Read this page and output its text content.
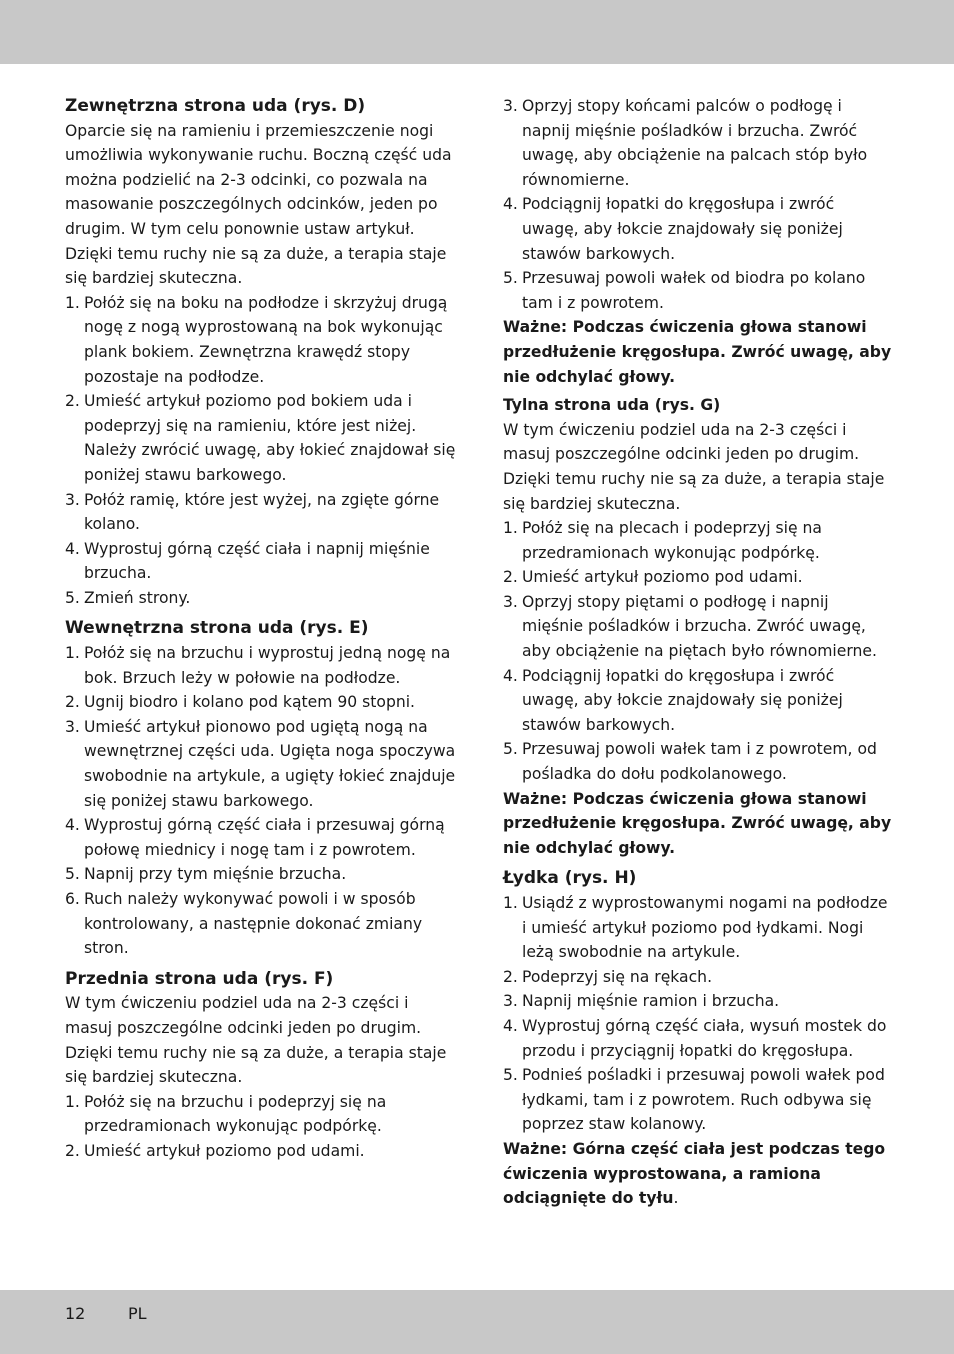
Zewnętrzna strona uda (rys. D)

Oparcie się na ramieniu i przemieszczenie nogi umożliwia wykonywanie ruchu. Boczną część uda można podzielić na 2-3 odcinki, co pozwala na masowanie poszczególnych odcinków, jeden po drugim. W tym celu ponownie ustaw artykuł. Dzięki temu ruchy nie są za duże, a terapia staje się bardziej skuteczna.

1. Połóż się na boku na podłodze i skrzyżuj drugą nogę z nogą wyprostowaną na bok wykonując plank bokiem. Zewnętrzna krawędź stopy pozostaje na podłodze.
2. Umieść artykuł poziomo pod bokiem uda i podeprzyj się na ramieniu, które jest niżej. Należy zwrócić uwagę, aby łokieć znajdował się poniżej stawu barkowego.
3. Połóż ramię, które jest wyżej, na zgięte górne kolano.
4. Wyprostuj górną część ciała i napnij mięśnie brzucha.
5. Zmień strony.
Wewnętrzna strona uda (rys. E)
1. Połóż się na brzuchu i wyprostuj jedną nogę na bok. Brzuch leży w połowie na podłodze.
2. Ugnij biodro i kolano pod kątem 90 stopni.
3. Umieść artykuł pionowo pod ugiętą nogą na wewnętrznej części uda. Ugięta noga spoczywa swobodnie na artykule, a ugięty łokieć znajduje się poniżej stawu barkowego.
4. Wyprostuj górną część ciała i przesuwaj górną połowę miednicy i nogę tam i z powrotem.
5. Napnij przy tym mięśnie brzucha.
6. Ruch należy wykonywać powoli i w sposób kontrolowany, a następnie dokonać zmiany stron.
Przednia strona uda (rys. F)

W tym ćwiczeniu podziel uda na 2-3 części i masuj poszczególne odcinki jeden po drugim. Dzięki temu ruchy nie są za duże, a terapia staje się bardziej skuteczna.

1. Połóż się na brzuchu i podeprzyj się na przedramionach wykonując podpórkę.
2. Umieść artykuł poziomo pod udami.
3. Oprzyj stopy końcami palców o podłogę i napnij mięśnie pośladków i brzucha. Zwróć uwagę, aby obciążenie na palcach stóp było równomierne.
4. Podciągnij łopatki do kręgosłupa i zwróć uwagę, aby łokcie znajdowały się poniżej stawów barkowych.
5. Przesuwaj powoli wałek od biodra po kolano tam i z powrotem.

Ważne: Podczas ćwiczenia głowa stanowi przedłużenie kręgosłupa. Zwróć uwagę, aby nie odchylać głowy.

Tylna strona uda (rys. G)

W tym ćwiczeniu podziel uda na 2-3 części i masuj poszczególne odcinki jeden po drugim. Dzięki temu ruchy nie są za duże, a terapia staje się bardziej skuteczna.

1. Połóż się na plecach i podeprzyj się na przedramionach wykonując podpórkę.
2. Umieść artykuł poziomo pod udami.
3. Oprzyj stopy piętami o podłogę i napnij mięśnie pośladków i brzucha. Zwróć uwagę, aby obciążenie na piętach było równomierne.
4. Podciągnij łopatki do kręgosłupa i zwróć uwagę, aby łokcie znajdowały się poniżej stawów barkowych.
5. Przesuwaj powoli wałek tam i z powrotem, od pośladka do dołu podkolanowego.

Ważne: Podczas ćwiczenia głowa stanowi przedłużenie kręgosłupa. Zwróć uwagę, aby nie odchylać głowy.

Łydka (rys. H)
1. Usiądź z wyprostowanymi nogami na podłodze i umieść artykuł poziomo pod łydkami. Nogi leżą swobodnie na artykule.
2. Podeprzyj się na rękach.
3. Napnij mięśnie ramion i brzucha.
4. Wyprostuj górną część ciała, wysuń mostek do przodu i przyciągnij łopatki do kręgosłupa.
5. Podnieś pośladki i przesuwaj powoli wałek pod łydkami, tam i z powrotem. Ruch odbywa się poprzez staw kolanowy.

Ważne: Górna część ciała jest podczas tego ćwiczenia wyprostowana, a ramiona odciągnięte do tyłu.

12	PL
